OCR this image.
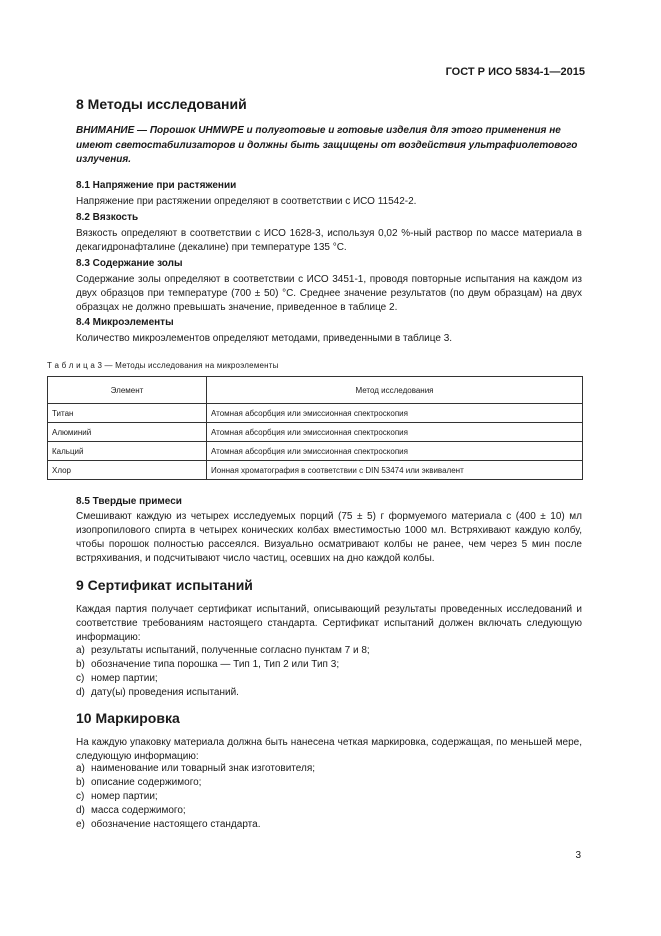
ГОСТ Р ИСО 5834-1—2015
8 Методы исследований
ВНИМАНИЕ — Порошок UHMWPE и полуготовые и готовые изделия для этого применения не имеют светостабилизаторов и должны быть защищены от воздействия ультрафиолетового излучения.
8.1 Напряжение при растяжении
Напряжение при растяжении определяют в соответствии с ИСО 11542-2.
8.2 Вязкость
Вязкость определяют в соответствии с ИСО 1628-3, используя 0,02 %-ный раствор по массе материала в декагидронафталине (декалине) при температуре 135 °С.
8.3 Содержание золы
Содержание золы определяют в соответствии с ИСО 3451-1, проводя повторные испытания на каждом из двух образцов при температуре (700 ± 50) °С. Среднее значение результатов (по двум образцам) на двух образцах не должно превышать значение, приведенное в таблице 2.
8.4 Микроэлементы
Количество микроэлементов определяют методами, приведенными в таблице 3.
Т а б л и ц а 3 — Методы исследования на микроэлементы
Элемент	Метод исследования
Титан	Атомная абсорбция или эмиссионная спектроскопия
Алюминий	Атомная абсорбция или эмиссионная спектроскопия
Кальций	Атомная абсорбция или эмиссионная спектроскопия
Хлор	Ионная хроматография в соответствии с DIN 53474 или эквивалент
8.5 Твердые примеси
Смешивают каждую из четырех исследуемых порций (75 ± 5) г формуемого материала с (400 ± 10) мл изопропилового спирта в четырех конических колбах вместимостью 1000 мл. Встряхивают каждую колбу, чтобы порошок полностью рассеялся. Визуально осматривают колбы не ранее, чем через 5 мин после встряхивания, и подсчитывают число частиц, осевших на дно каждой колбы.
9 Сертификат испытаний
Каждая партия получает сертификат испытаний, описывающий результаты проведенных исследований и соответствие требованиям настоящего стандарта. Сертификат испытаний должен включать следующую информацию:
a) результаты испытаний, полученные согласно пунктам 7 и 8;
b) обозначение типа порошка — Тип 1, Тип 2 или Тип 3;
c) номер партии;
d) дату(ы) проведения испытаний.
10 Маркировка
На каждую упаковку материала должна быть нанесена четкая маркировка, содержащая, по меньшей мере, следующую информацию:
a) наименование или товарный знак изготовителя;
b) описание содержимого;
c) номер партии;
d) масса содержимого;
e) обозначение настоящего стандарта.
3
